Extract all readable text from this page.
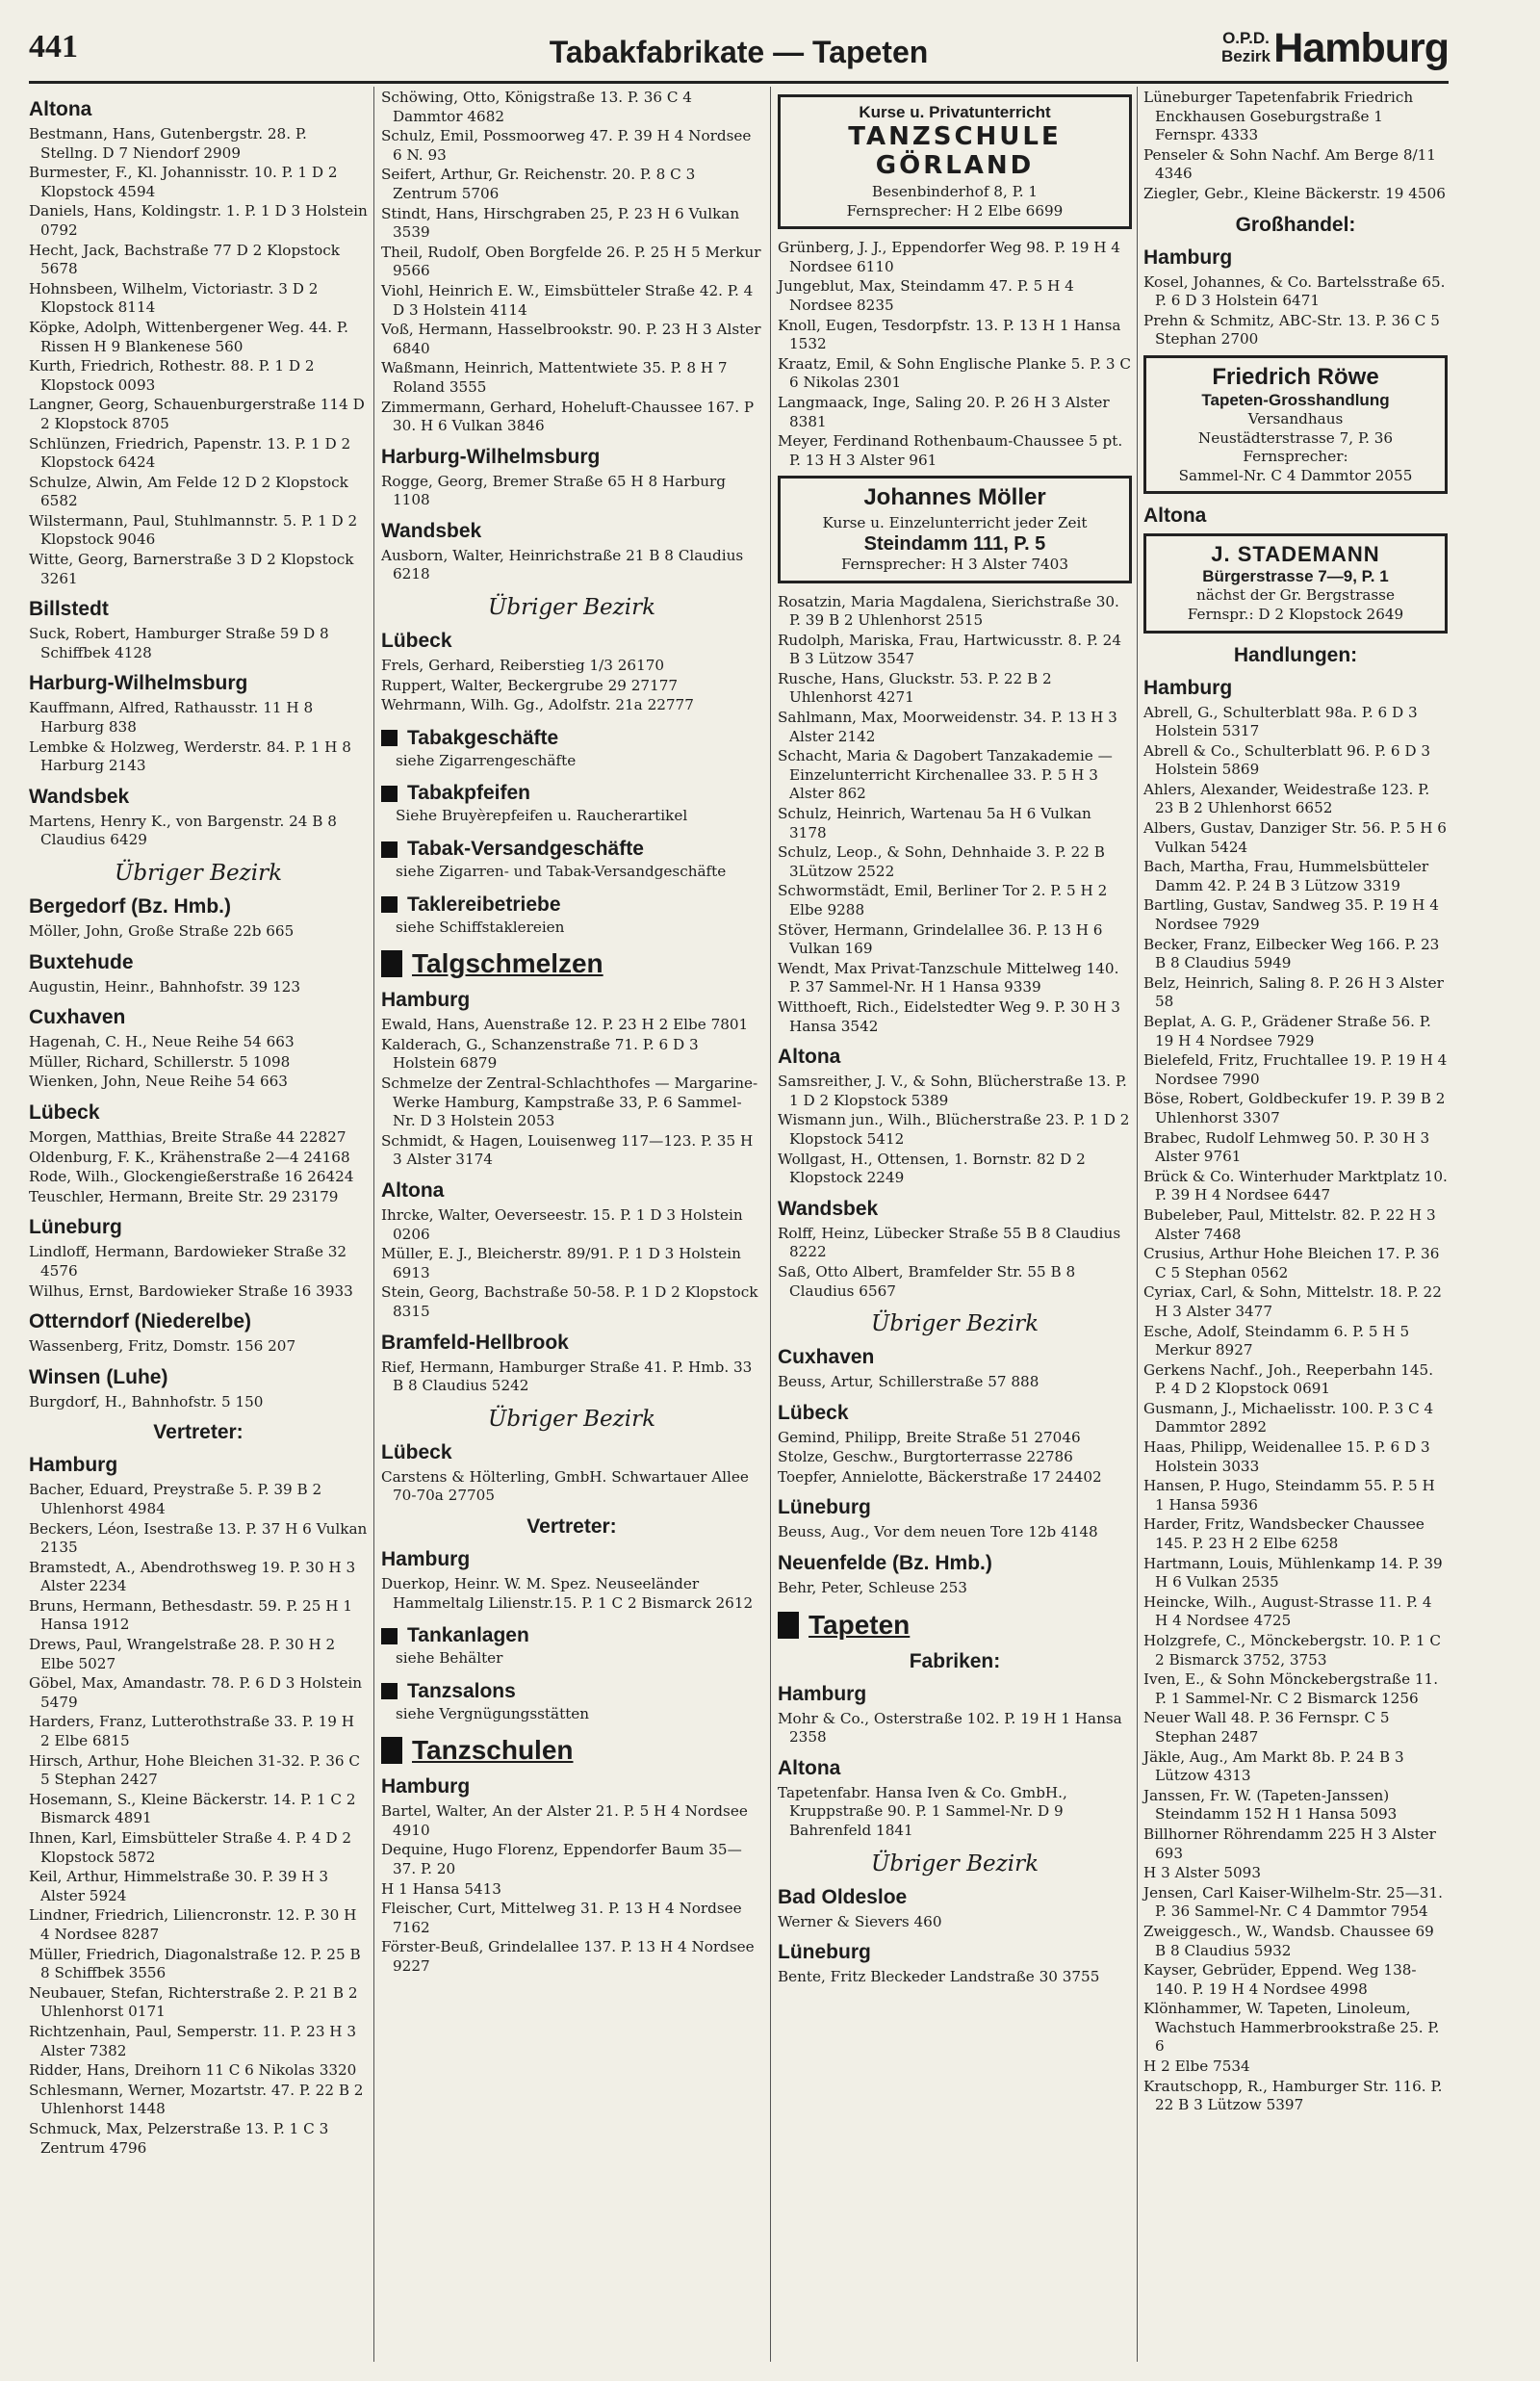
441	Tabakfabrikate — Tapeten	O.P.D.
Bezirk Hamburg
Altona
Bestmann, Hans, Gutenbergstr. 28. P. Stellng. D 7 Niendorf 2909
Burmester, F., Kl. Johannisstr. 10. P. 1 D 2 Klopstock 4594
Daniels, Hans, Koldingstr. 1. P. 1 D 3 Holstein 0792
Hecht, Jack, Bachstraße 77 D 2 Klopstock 5678
Hohnsbeen, Wilhelm, Victoriastr. 3 D 2 Klopstock 8114
Köpke, Adolph, Wittenbergener Weg. 44. P. Rissen H 9 Blankenese 560
Kurth, Friedrich, Rothestr. 88. P. 1 D 2 Klopstock 0093
Langner, Georg, Schauenburgerstraße 114 D 2 Klopstock 8705
Schlünzen, Friedrich, Papenstr. 13. P. 1 D 2 Klopstock 6424
Schulze, Alwin, Am Felde 12 D 2 Klopstock 6582
Wilstermann, Paul, Stuhlmannstr. 5. P. 1 D 2 Klopstock 9046
Witte, Georg, Barnerstraße 3 D 2 Klopstock 3261
Billstedt
Suck, Robert, Hamburger Straße 59 D 8 Schiffbek 4128
Harburg-Wilhelmsburg
Kauffmann, Alfred, Rathausstr. 11 H 8 Harburg 838
Lembke & Holzweg, Werderstr. 84. P. 1 H 8 Harburg 2143
Wandsbek
Martens, Henry K., von Bargenstr. 24 B 8 Claudius 6429
Übriger Bezirk
Bergedorf (Bz. Hmb.)
Möller, John, Große Straße 22b 665
Buxtehude
Augustin, Heinr., Bahnhofstr. 39 123
Cuxhaven
Hagenah, C. H., Neue Reihe 54 663
Müller, Richard, Schillerstr. 5 1098
Wienken, John, Neue Reihe 54 663
Lübeck
Morgen, Matthias, Breite Straße 44 22827
Oldenburg, F. K., Krähenstraße 2—4 24168
Rode, Wilh., Glockengießerstraße 16 26424
Teuschler, Hermann, Breite Str. 29 23179
Lüneburg
Lindloff, Hermann, Bardowieker Straße 32 4576
Wilhus, Ernst, Bardowieker Straße 16 3933
Otterndorf (Niederelbe)
Wassenberg, Fritz, Domstr. 156 207
Winsen (Luhe)
Burgdorf, H., Bahnhofstr. 5 150
Vertreter:
Hamburg
Bacher, Eduard, Preystraße 5. P. 39 B 2 Uhlenhorst 4984
Beckers, Léon, Isestraße 13. P. 37 H 6 Vulkan 2135
Bramstedt, A., Abendrothsweg 19. P. 30 H 3 Alster 2234
Bruns, Hermann, Bethesdastr. 59. P. 25 H 1 Hansa 1912
Drews, Paul, Wrangelstraße 28. P. 30 H 2 Elbe 5027
Göbel, Max, Amandastr. 78. P. 6 D 3 Holstein 5479
Harders, Franz, Lutterothstraße 33. P. 19 H 2 Elbe 6815
Hirsch, Arthur, Hohe Bleichen 31-32. P. 36 C 5 Stephan 2427
Hosemann, S., Kleine Bäckerstr. 14. P. 1 C 2 Bismarck 4891
Ihnen, Karl, Eimsbütteler Straße 4. P. 4 D 2 Klopstock 5872
Keil, Arthur, Himmelstraße 30. P. 39 H 3 Alster 5924
Lindner, Friedrich, Liliencronstr. 12. P. 30 H 4 Nordsee 8287
Müller, Friedrich, Diagonalstraße 12. P. 25 B 8 Schiffbek 3556
Neubauer, Stefan, Richterstraße 2. P. 21 B 2 Uhlenhorst 0171
Richtzenhain, Paul, Semperstr. 11. P. 23 H 3 Alster 7382
Ridder, Hans, Dreihorn 11 C 6 Nikolas 3320
Schlesmann, Werner, Mozartstr. 47. P. 22 B 2 Uhlenhorst 1448
Schmuck, Max, Pelzerstraße 13. P. 1 C 3 Zentrum 4796
Schöwing, Otto, Königstraße 13. P. 36 C 4 Dammtor 4682
Schulz, Emil, Possmoorweg 47. P. 39 H 4 Nordsee 6 N. 93
Seifert, Arthur, Gr. Reichenstr. 20. P. 8 C 3 Zentrum 5706
Stindt, Hans, Hirschgraben 25, P. 23 H 6 Vulkan 3539
Theil, Rudolf, Oben Borgfelde 26. P. 25 H 5 Merkur 9566
Viohl, Heinrich E. W., Eimsbütteler Straße 42. P. 4 D 3 Holstein 4114
Voß, Hermann, Hasselbrookstr. 90. P. 23 H 3 Alster 6840
Waßmann, Heinrich, Mattentwiete 35. P. 8 H 7 Roland 3555
Zimmermann, Gerhard, Hoheluft-Chaussee 167. P 30. H 6 Vulkan 3846
Harburg-Wilhelmsburg
Rogge, Georg, Bremer Straße 65 H 8 Harburg 1108
Wandsbek
Ausborn, Walter, Heinrichstraße 21 B 8 Claudius 6218
Übriger Bezirk
Lübeck
Frels, Gerhard, Reiberstieg 1/3 26170
Ruppert, Walter, Beckergrube 29 27177
Wehrmann, Wilh. Gg., Adolfstr. 21a 22777
Tabakgeschäfte
siehe Zigarrengeschäfte
Tabakpfeifen
Siehe Bruyèrepfeifen u. Raucherartikel
Tabak-Versandgeschäfte
siehe Zigarren- und Tabak-Versandgeschäfte
Taklereibetriebe
siehe Schiffstaklereien
Talgschmelzen
Hamburg
Ewald, Hans, Auenstraße 12. P. 23 H 2 Elbe 7801
Kalderach, G., Schanzenstraße 71. P. 6 D 3 Holstein 6879
Schmelze der Zentral-Schlachthofes — Margarine-Werke Hamburg, Kampstraße 33, P. 6 Sammel-Nr. D 3 Holstein 2053
Schmidt, & Hagen, Louisenweg 117—123. P. 35 H 3 Alster 3174
Altona
Ihrcke, Walter, Oeverseestr. 15. P. 1 D 3 Holstein 0206
Müller, E. J., Bleicherstr. 89/91. P. 1 D 3 Holstein 6913
Stein, Georg, Bachstraße 50-58. P. 1 D 2 Klopstock 8315
Bramfeld-Hellbrook
Rief, Hermann, Hamburger Straße 41. P. Hmb. 33 B 8 Claudius 5242
Übriger Bezirk
Lübeck
Carstens & Hölterling, GmbH. Schwartauer Allee 70-70a 27705
Vertreter:
Hamburg
Duerkop, Heinr. W. M. Spez. Neuseeländer Hammeltalg Lilienstr.15. P. 1 C 2 Bismarck 2612
Tankanlagen
siehe Behälter
Tanzsalons
siehe Vergnügungsstätten
Tanzschulen
Hamburg
Bartel, Walter, An der Alster 21. P. 5 H 4 Nordsee 4910
Dequine, Hugo Florenz, Eppendorfer Baum 35—37. P. 20
H 1 Hansa 5413
Fleischer, Curt, Mittelweg 31. P. 13 H 4 Nordsee 7162
Förster-Beuß, Grindelallee 137. P. 13 H 4 Nordsee 9227
Kurse u. Privatunterricht
TANZSCHULE
GÖRLAND
Besenbinderhof 8, P. 1
Fernsprecher: H 2 Elbe 6699
Grünberg, J. J., Eppendorfer Weg 98. P. 19 H 4 Nordsee 6110
Jungeblut, Max, Steindamm 47. P. 5 H 4 Nordsee 8235
Knoll, Eugen, Tesdorpfstr. 13. P. 13 H 1 Hansa 1532
Kraatz, Emil, & Sohn Englische Planke 5. P. 3 C 6 Nikolas 2301
Langmaack, Inge, Saling 20. P. 26 H 3 Alster 8381
Meyer, Ferdinand Rothenbaum-Chaussee 5 pt. P. 13 H 3 Alster 961
Johannes Möller
Kurse u. Einzelunterricht jeder Zeit
Steindamm 111, P. 5
Fernsprecher: H 3 Alster 7403
Rosatzin, Maria Magdalena, Sierichstraße 30. P. 39 B 2 Uhlenhorst 2515
Rudolph, Mariska, Frau, Hartwicusstr. 8. P. 24 B 3 Lützow 3547
Rusche, Hans, Gluckstr. 53. P. 22 B 2 Uhlenhorst 4271
Sahlmann, Max, Moorweidenstr. 34. P. 13 H 3 Alster 2142
Schacht, Maria & Dagobert Tanzakademie — Einzelunterricht Kirchenallee 33. P. 5 H 3 Alster 862
Schulz, Heinrich, Wartenau 5a H 6 Vulkan 3178
Schulz, Leop., & Sohn, Dehnhaide 3. P. 22 B 3Lützow 2522
Schwormstädt, Emil, Berliner Tor 2. P. 5 H 2 Elbe 9288
Stöver, Hermann, Grindelallee 36. P. 13 H 6 Vulkan 169
Wendt, Max Privat-Tanzschule Mittelweg 140. P. 37 Sammel-Nr. H 1 Hansa 9339
Witthoeft, Rich., Eidelstedter Weg 9. P. 30 H 3 Hansa 3542
Altona
Samsreither, J. V., & Sohn, Blücherstraße 13. P. 1 D 2 Klopstock 5389
Wismann jun., Wilh., Blücherstraße 23. P. 1 D 2 Klopstock 5412
Wollgast, H., Ottensen, 1. Bornstr. 82 D 2 Klopstock 2249
Wandsbek
Rolff, Heinz, Lübecker Straße 55 B 8 Claudius 8222
Saß, Otto Albert, Bramfelder Str. 55 B 8 Claudius 6567
Übriger Bezirk
Cuxhaven
Beuss, Artur, Schillerstraße 57 888
Lübeck
Gemind, Philipp, Breite Straße 51 27046
Stolze, Geschw., Burgtorterrasse 22786
Toepfer, Annielotte, Bäckerstraße 17 24402
Lüneburg
Beuss, Aug., Vor dem neuen Tore 12b 4148
Neuenfelde (Bz. Hmb.)
Behr, Peter, Schleuse 253
Tapeten
Fabriken:
Hamburg
Mohr & Co., Osterstraße 102. P. 19 H 1 Hansa 2358
Altona
Tapetenfabr. Hansa Iven & Co. GmbH., Kruppstraße 90. P. 1 Sammel-Nr. D 9 Bahrenfeld 1841
Übriger Bezirk
Bad Oldesloe
Werner & Sievers 460
Lüneburg
Bente, Fritz Bleckeder Landstraße 30 3755
Lüneburger Tapetenfabrik Friedrich Enckhausen Goseburgstraße 1 Fernspr. 4333
Penseler & Sohn Nachf. Am Berge 8/11 4346
Ziegler, Gebr., Kleine Bäckerstr. 19 4506
Großhandel:
Hamburg
Kosel, Johannes, & Co. Bartelsstraße 65. P. 6 D 3 Holstein 6471
Prehn & Schmitz, ABC-Str. 13. P. 36 C 5 Stephan 2700
Friedrich Röwe
Tapeten-Grosshandlung
Versandhaus
Neustädterstrasse 7, P. 36
Fernsprecher:
Sammel-Nr. C 4 Dammtor 2055
Altona
J. STADEMANN
Bürgerstrasse 7—9, P. 1
nächst der Gr. Bergstrasse
Fernspr.: D 2 Klopstock 2649
Handlungen:
Hamburg
Abrell, G., Schulterblatt 98a. P. 6 D 3 Holstein 5317
Abrell & Co., Schulterblatt 96. P. 6 D 3 Holstein 5869
Ahlers, Alexander, Weidestraße 123. P. 23 B 2 Uhlenhorst 6652
Albers, Gustav, Danziger Str. 56. P. 5 H 6 Vulkan 5424
Bach, Martha, Frau, Hummelsbütteler Damm 42. P. 24 B 3 Lützow 3319
Bartling, Gustav, Sandweg 35. P. 19 H 4 Nordsee 7929
Becker, Franz, Eilbecker Weg 166. P. 23 B 8 Claudius 5949
Belz, Heinrich, Saling 8. P. 26 H 3 Alster 58
Beplat, A. G. P., Grädener Straße 56. P. 19 H 4 Nordsee 7929
Bielefeld, Fritz, Fruchtallee 19. P. 19 H 4 Nordsee 7990
Böse, Robert, Goldbeckufer 19. P. 39 B 2 Uhlenhorst 3307
Brabec, Rudolf Lehmweg 50. P. 30 H 3 Alster 9761
Brück & Co. Winterhuder Marktplatz 10. P. 39 H 4 Nordsee 6447
Bubeleber, Paul, Mittelstr. 82. P. 22 H 3 Alster 7468
Crusius, Arthur Hohe Bleichen 17. P. 36 C 5 Stephan 0562
Cyriax, Carl, & Sohn, Mittelstr. 18. P. 22 H 3 Alster 3477
Esche, Adolf, Steindamm 6. P. 5 H 5 Merkur 8927
Gerkens Nachf., Joh., Reeperbahn 145. P. 4 D 2 Klopstock 0691
Gusmann, J., Michaelisstr. 100. P. 3 C 4 Dammtor 2892
Haas, Philipp, Weidenallee 15. P. 6 D 3 Holstein 3033
Hansen, P. Hugo, Steindamm 55. P. 5 H 1 Hansa 5936
Harder, Fritz, Wandsbecker Chaussee 145. P. 23 H 2 Elbe 6258
Hartmann, Louis, Mühlenkamp 14. P. 39 H 6 Vulkan 2535
Heincke, Wilh., August-Strasse 11. P. 4 H 4 Nordsee 4725
Holzgrefe, C., Mönckebergstr. 10. P. 1 C 2 Bismarck 3752, 3753
Iven, E., & Sohn Mönckebergstraße 11. P. 1 Sammel-Nr. C 2 Bismarck 1256
Neuer Wall 48. P. 36 Fernspr. C 5 Stephan 2487
Jäkle, Aug., Am Markt 8b. P. 24 B 3 Lützow 4313
Janssen, Fr. W. (Tapeten-Janssen) Steindamm 152 H 1 Hansa 5093
Billhorner Röhrendamm 225 H 3 Alster 693
H 3 Alster 5093
Jensen, Carl Kaiser-Wilhelm-Str. 25—31. P. 36 Sammel-Nr. C 4 Dammtor 7954
Zweiggesch., W., Wandsb. Chaussee 69 B 8 Claudius 5932
Kayser, Gebrüder, Eppend. Weg 138-140. P. 19 H 4 Nordsee 4998
Klönhammer, W. Tapeten, Linoleum, Wachstuch Hammerbrookstraße 25. P. 6
H 2 Elbe 7534
Krautschopp, R., Hamburger Str. 116. P. 22 B 3 Lützow 5397
